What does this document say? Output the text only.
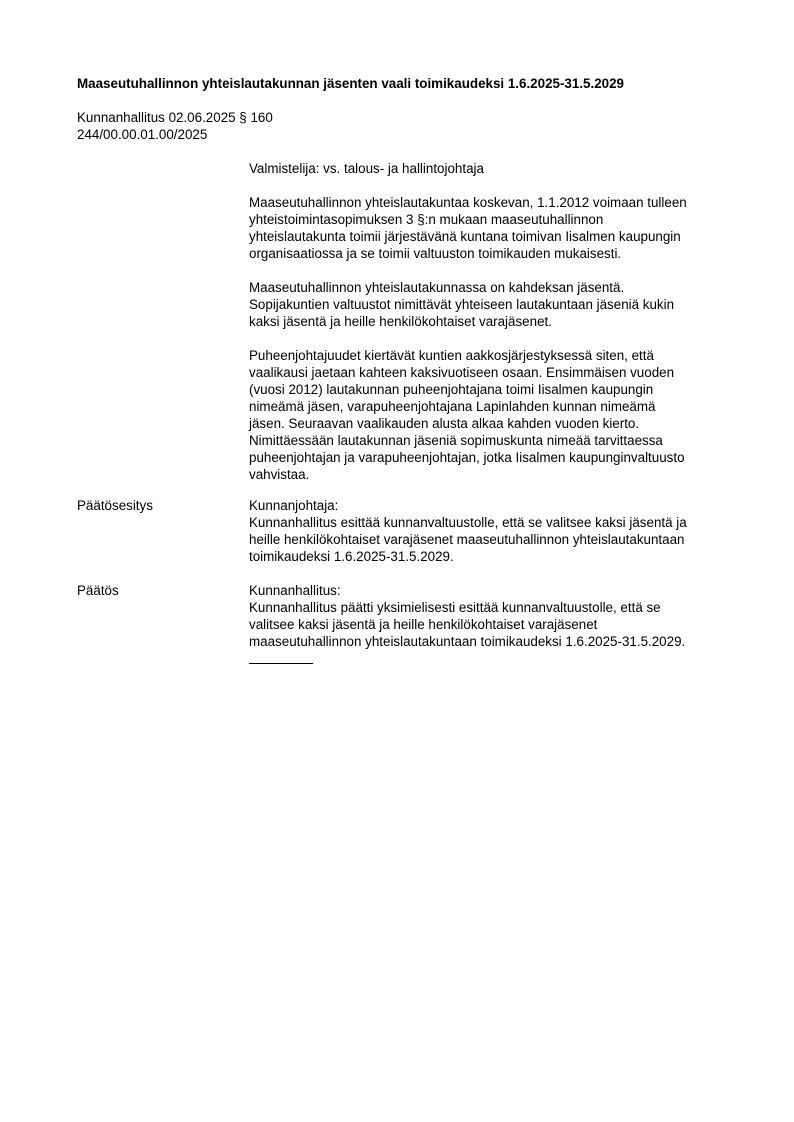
Maaseutuhallinnon yhteislautakunnan jäsenten vaali toimikaudeksi 1.6.2025-31.5.2029
Kunnanhallitus 02.06.2025 § 160
244/00.00.01.00/2025

Valmistelija: vs. talous- ja hallintojohtaja

Maaseutuhallinnon yhteislautakuntaa koskevan, 1.1.2012 voimaan tulleen
yhteistoimintasopimuksen 3 §:n mukaan maaseutuhallinnon
yhteislautakunta toimii järjestävänä kuntana toimivan Iisalmen kaupungin
organisaatiossa ja se toimii valtuuston toimikauden mukaisesti.

Maaseutuhallinnon yhteislautakunnassa on kahdeksan jäsentä.
Sopijakuntien valtuustot nimittävät yhteiseen lautakuntaan jäseniä kukin
kaksi jäsentä ja heille henkilökohtaiset varajäsenet.

Puheenjohtajuudet kiertävät kuntien aakkosjärjestyksessä siten, että
vaalikausi jaetaan kahteen kaksivuotiseen osaan. Ensimmäisen vuoden
(vuosi 2012) lautakunnan puheenjohtajana toimi Iisalmen kaupungin
nimeämä jäsen, varapuheenjohtajana Lapinlahden kunnan nimeämä
jäsen. Seuraavan vaalikauden alusta alkaa kahden vuoden kierto.
Nimittäessään lautakunnan jäseniä sopimuskunta nimeää tarvittaessa
puheenjohtajan ja varapuheenjohtajan, jotka Iisalmen kaupunginvaltuusto
vahvistaa.

Päätösesitys	Kunnanjohtaja:
Kunnanhallitus esittää kunnanvaltuustolle, että se valitsee kaksi jäsentä ja
heille henkilökohtaiset varajäsenet maaseutuhallinnon yhteislautakuntaan
toimikaudeksi 1.6.2025-31.5.2029.
Päätös	Kunnanhallitus:
Kunnanhallitus päätti yksimielisesti esittää kunnanvaltuustolle, että se
valitsee kaksi jäsentä ja heille henkilökohtaiset varajäsenet
maaseutuhallinnon yhteislautakuntaan toimikaudeksi 1.6.2025-31.5.2029.
